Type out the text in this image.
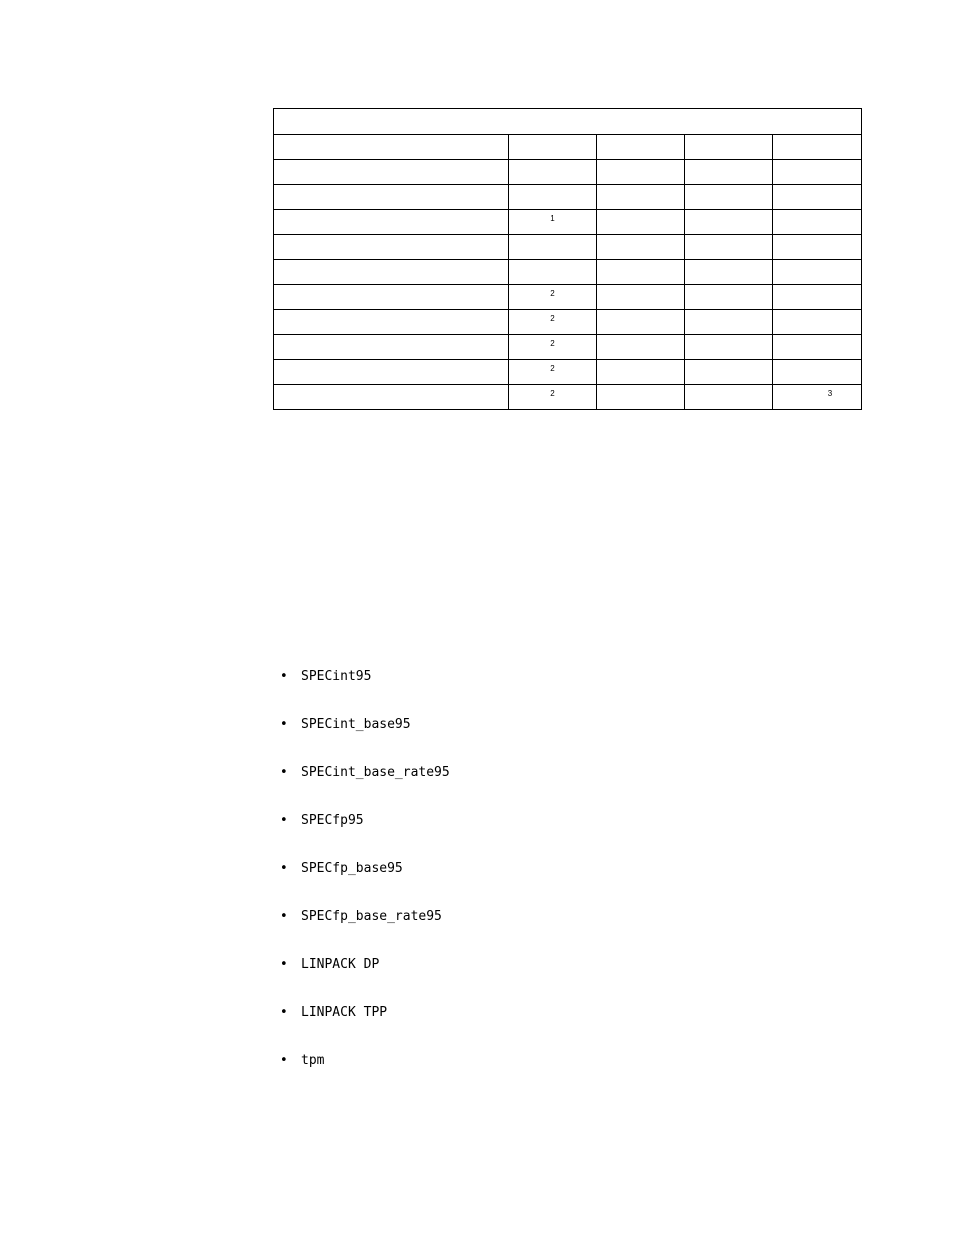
	1			

	2			
	2			
	2			
	2			
	2			3
•	SPECint95
•	SPECint_base95
•	SPECint_base_rate95
•	SPECfp95
•	SPECfp_base95
•	SPECfp_base_rate95
•	LINPACK DP
•	LINPACK TPP
•	tpm
